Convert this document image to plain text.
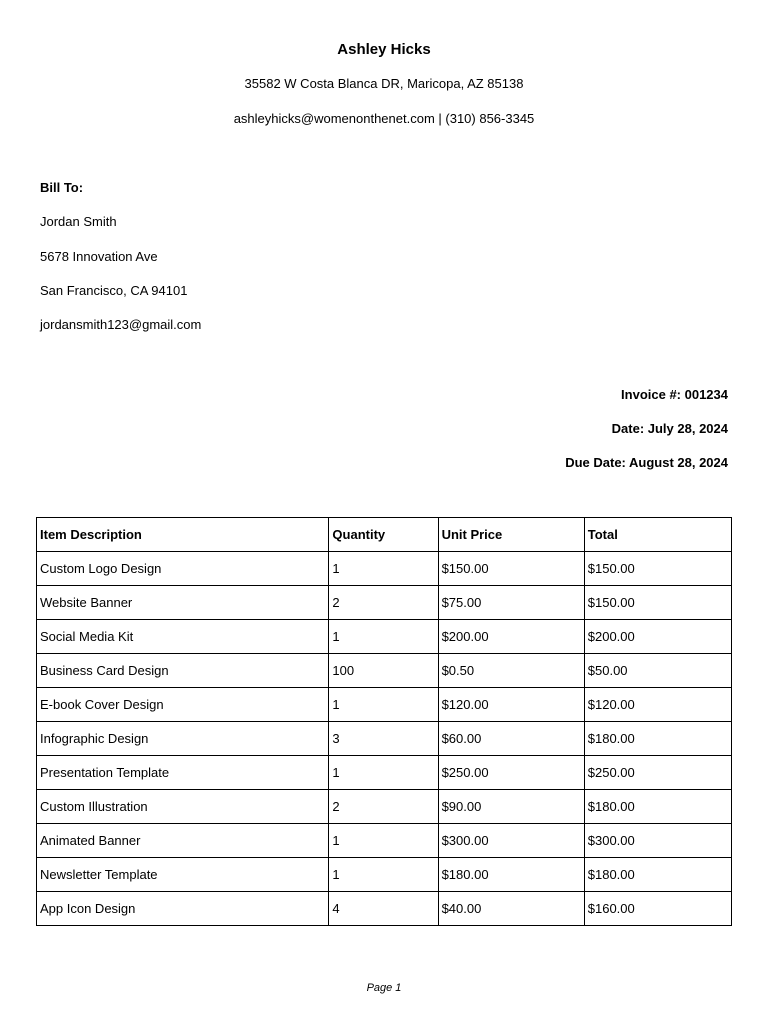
Ashley Hicks
35582 W Costa Blanca DR, Maricopa, AZ 85138
ashleyhicks@womenonthenet.com | (310) 856-3345
Bill To:
Jordan Smith
5678 Innovation Ave
San Francisco, CA 94101
jordansmith123@gmail.com
Invoice #: 001234
Date: July 28, 2024
Due Date: August 28, 2024
Item Description	Quantity	Unit Price	Total
Custom Logo Design	1	$150.00	$150.00
Website Banner	2	$75.00	$150.00
Social Media Kit	1	$200.00	$200.00
Business Card Design	100	$0.50	$50.00
E-book Cover Design	1	$120.00	$120.00
Infographic Design	3	$60.00	$180.00
Presentation Template	1	$250.00	$250.00
Custom Illustration	2	$90.00	$180.00
Animated Banner	1	$300.00	$300.00
Newsletter Template	1	$180.00	$180.00
App Icon Design	4	$40.00	$160.00
Page 1
